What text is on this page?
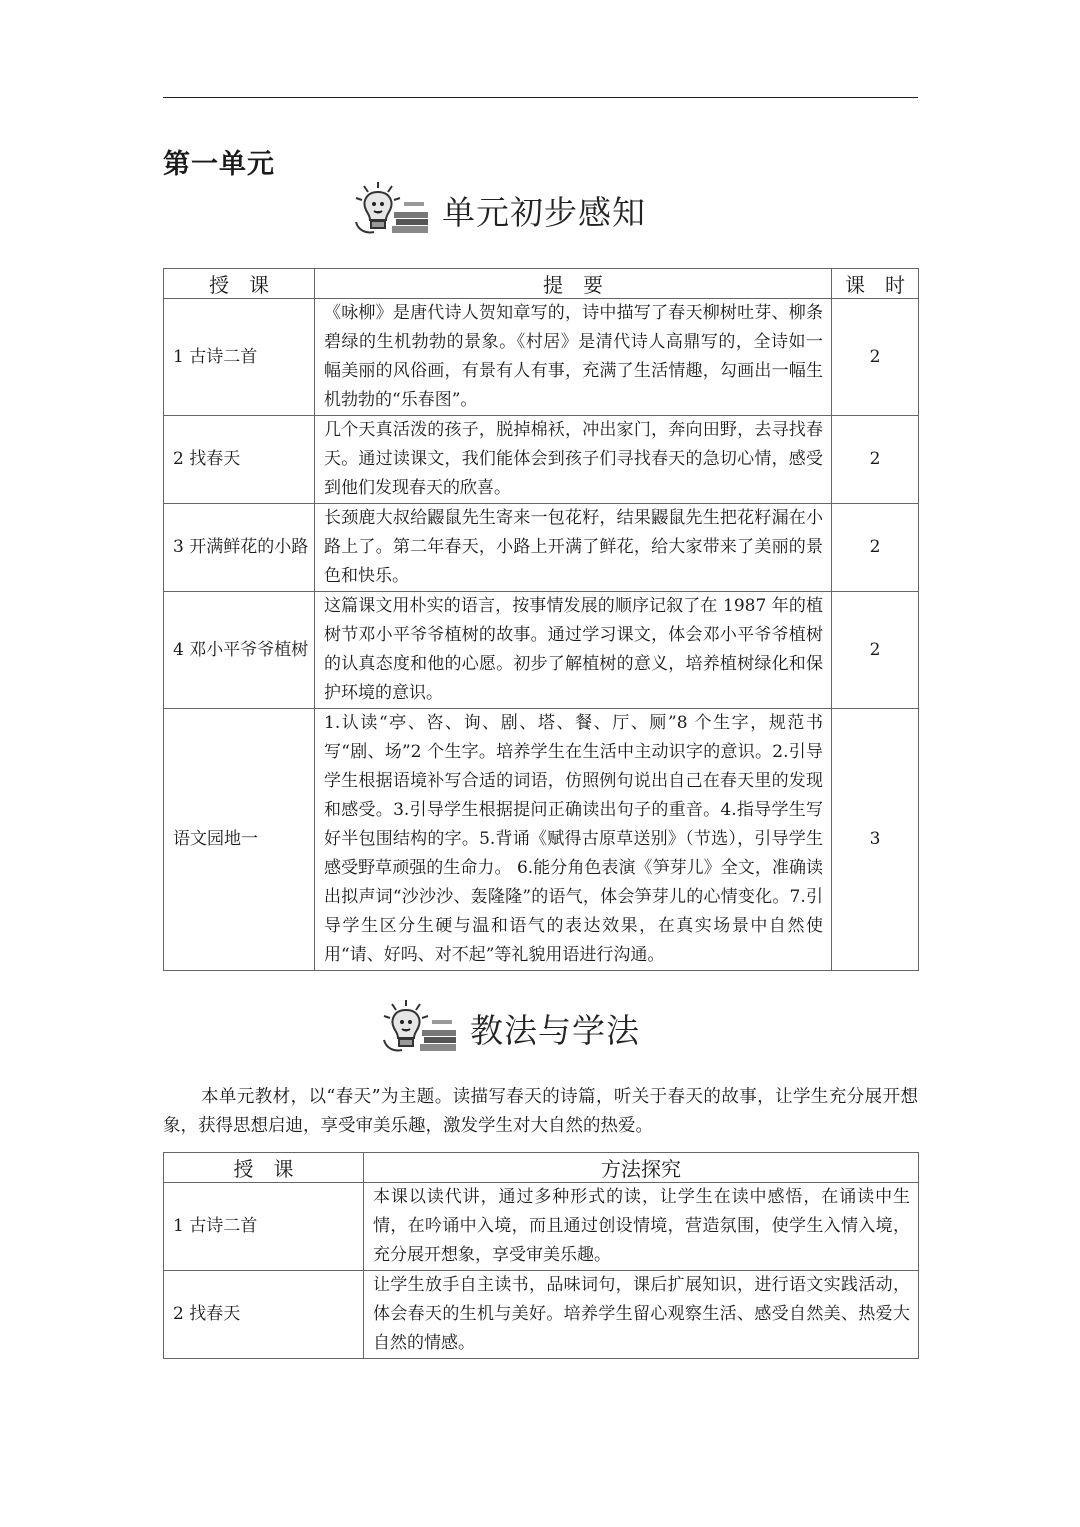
第一单元
单元初步感知
授　课	提　要	课　时
1 古诗二首	《咏柳》是唐代诗人贺知章写的，诗中描写了春天柳树吐芽、柳条碧绿的生机勃勃的景象。《村居》是清代诗人高鼎写的，全诗如一幅美丽的风俗画，有景有人有事，充满了生活情趣，勾画出一幅生机勃勃的“乐春图”。	2
2 找春天	几个天真活泼的孩子，脱掉棉袄，冲出家门，奔向田野，去寻找春天。通过读课文，我们能体会到孩子们寻找春天的急切心情，感受到他们发现春天的欣喜。	2
3 开满鲜花的小路	长颈鹿大叔给鼹鼠先生寄来一包花籽，结果鼹鼠先生把花籽漏在小路上了。第二年春天，小路上开满了鲜花，给大家带来了美丽的景色和快乐。	2
4 邓小平爷爷植树	这篇课文用朴实的语言，按事情发展的顺序记叙了在 1987 年的植树节邓小平爷爷植树的故事。通过学习课文，体会邓小平爷爷植树的认真态度和他的心愿。初步了解植树的意义，培养植树绿化和保护环境的意识。	2
语文园地一	1.认读“亭、咨、询、剧、塔、餐、厅、厕”8 个生字，规范书写“剧、场”2 个生字。培养学生在生活中主动识字的意识。2.引导学生根据语境补写合适的词语，仿照例句说出自己在春天里的发现和感受。3.引导学生根据提问正确读出句子的重音。4.指导学生写好半包围结构的字。5.背诵《赋得古原草送别》（节选），引导学生感受野草顽强的生命力。 6.能分角色表演《笋芽儿》全文，准确读出拟声词“沙沙沙、轰隆隆”的语气，体会笋芽儿的心情变化。7.引导学生区分生硬与温和语气的表达效果，在真实场景中自然使用“请、好吗、对不起”等礼貌用语进行沟通。	3
教法与学法

本单元教材，以“春天”为主题。读描写春天的诗篇，听关于春天的故事，让学生充分展开想象，获得思想启迪，享受审美乐趣，激发学生对大自然的热爱。

授　课	方法探究
1 古诗二首	本课以读代讲，通过多种形式的读，让学生在读中感悟，在诵读中生情，在吟诵中入境，而且通过创设情境，营造氛围，使学生入情入境，充分展开想象，享受审美乐趣。
2 找春天	让学生放手自主读书，品味词句，课后扩展知识，进行语文实践活动，体会春天的生机与美好。培养学生留心观察生活、感受自然美、热爱大自然的情感。
